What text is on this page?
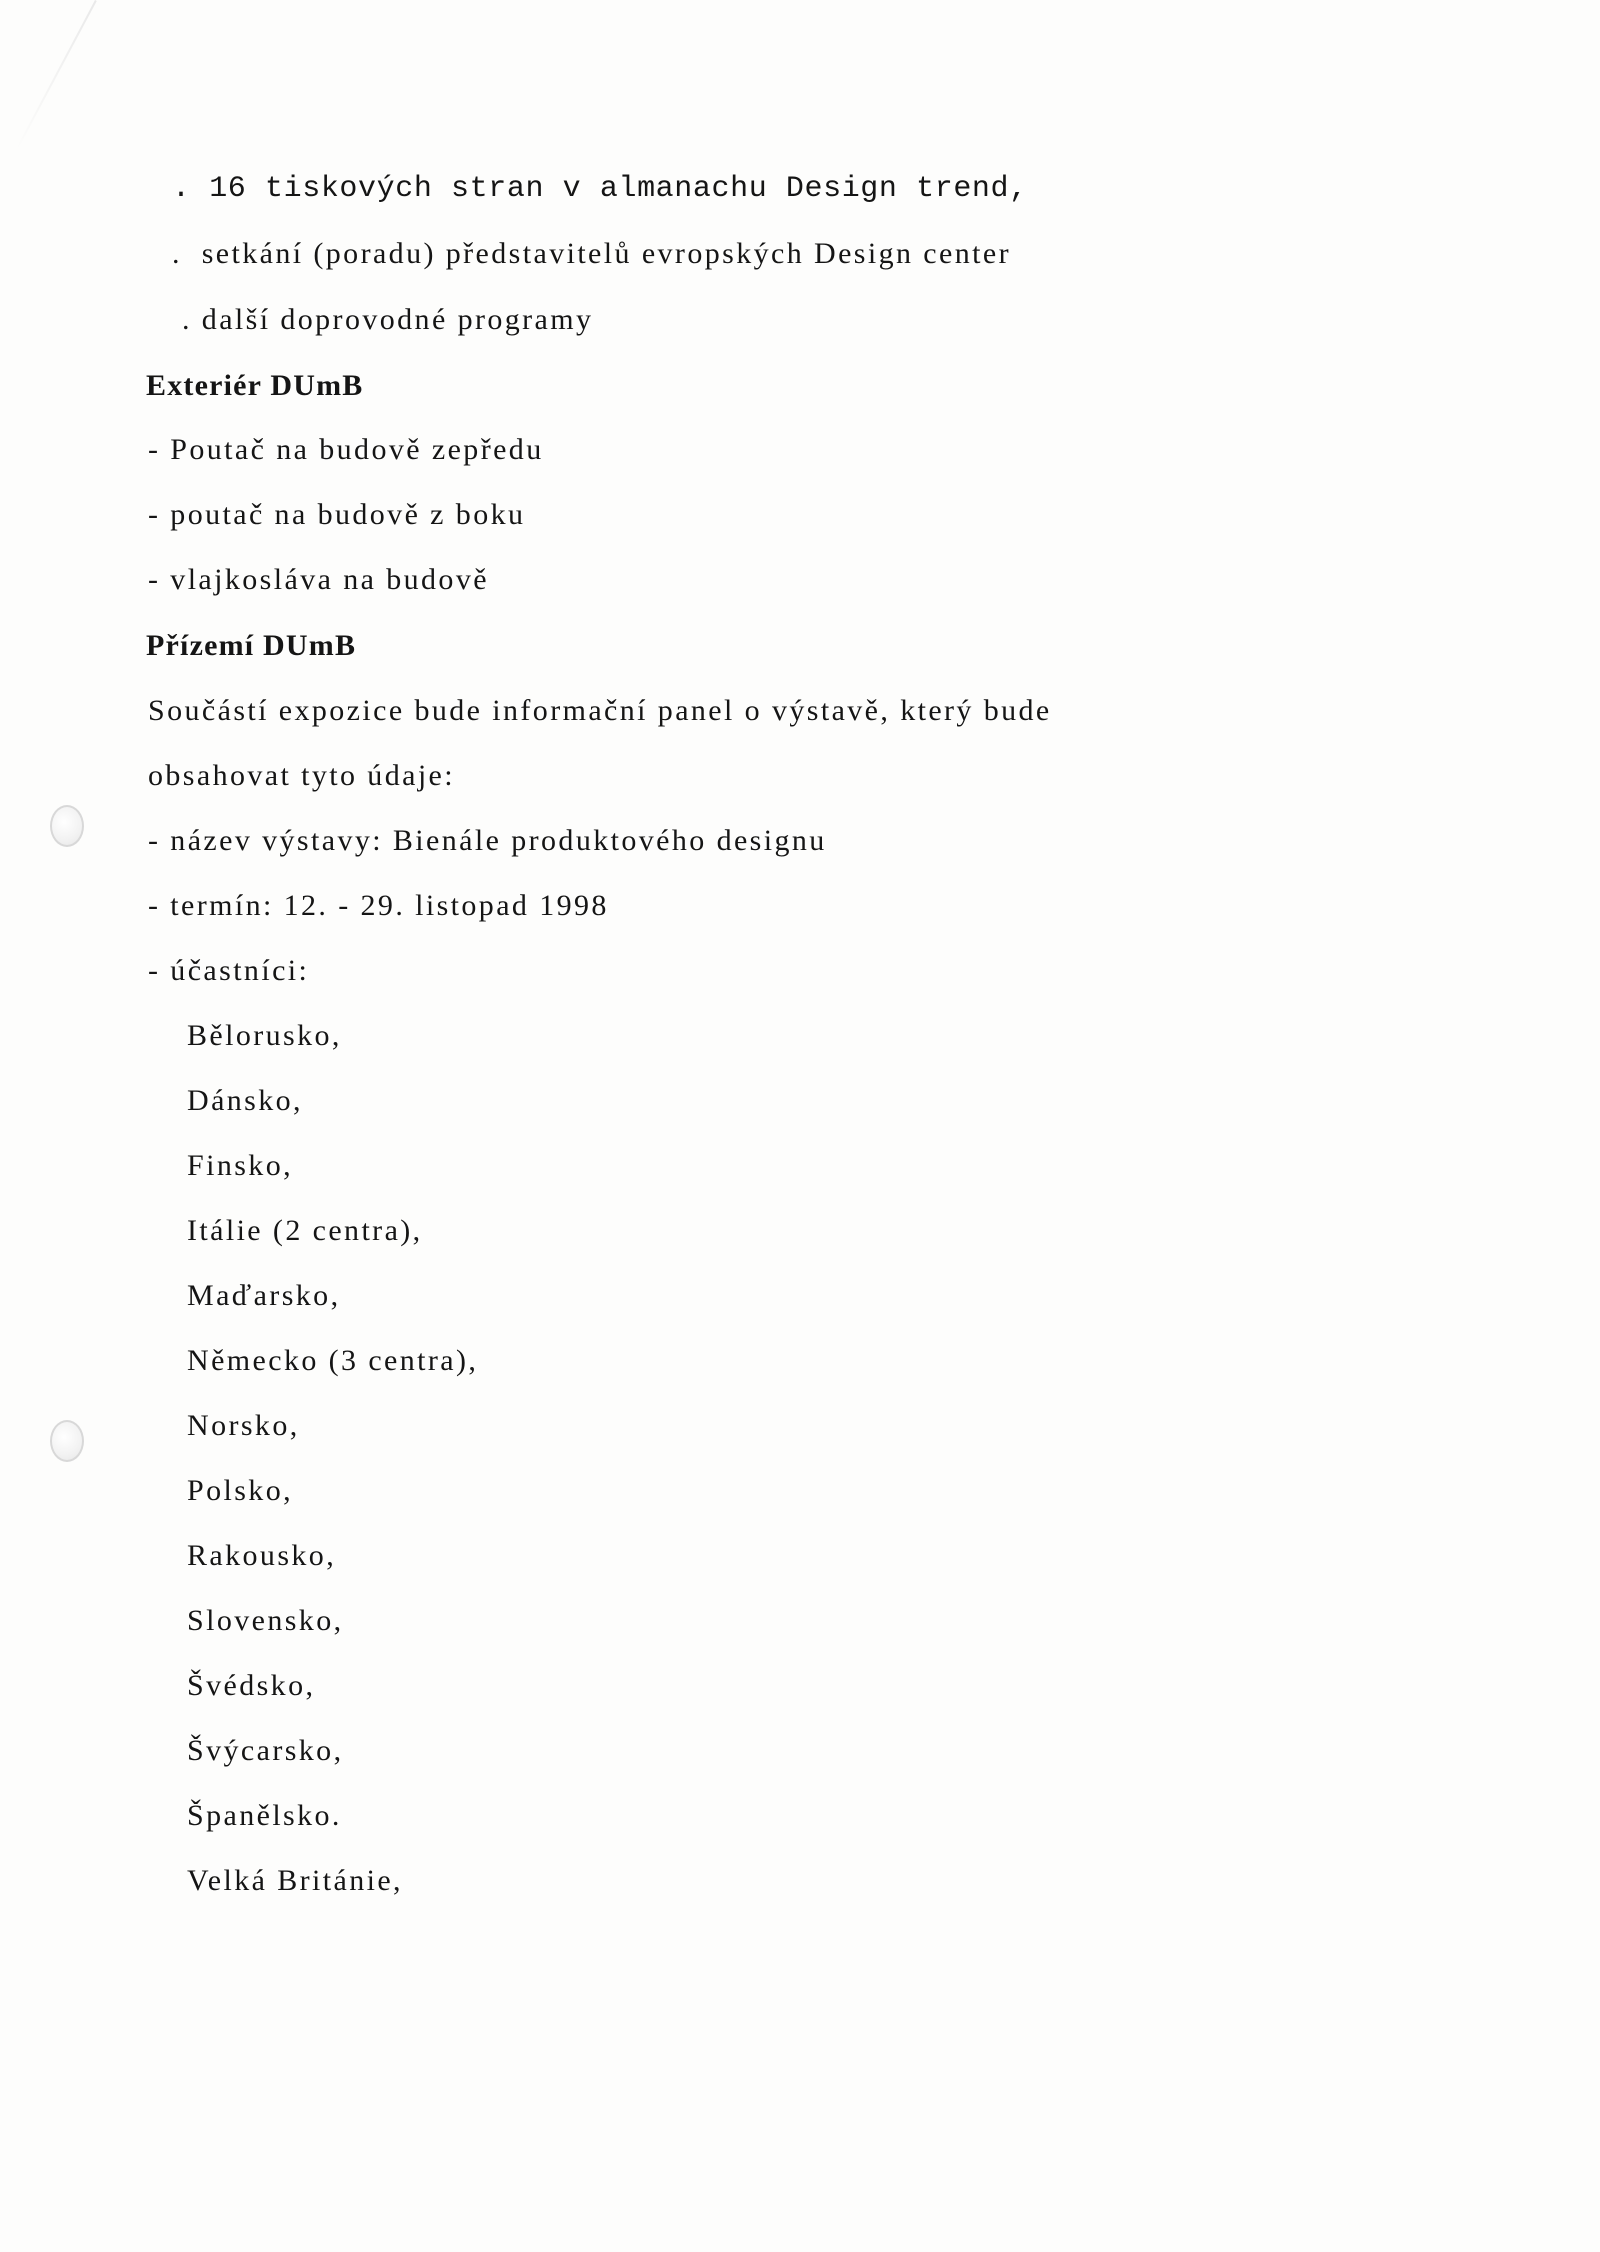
. 16 tiskových stran v almanachu Design trend,
.  setkání (poradu) představitelů evropských Design center
. další doprovodné programy
Exteriér DUmB
- Poutač na budově zepředu
- poutač na budově z boku
- vlajkosláva na budově
Přízemí DUmB
Součástí expozice bude informační panel o výstavě, který bude
obsahovat tyto údaje:
- název výstavy: Bienále produktového designu
- termín: 12. - 29. listopad 1998
- účastníci:
Bělorusko,
Dánsko,
Finsko,
Itálie (2 centra),
Maďarsko,
Německo (3 centra),
Norsko,
Polsko,
Rakousko,
Slovensko,
Švédsko,
Švýcarsko,
Španělsko.
Velká Británie,
